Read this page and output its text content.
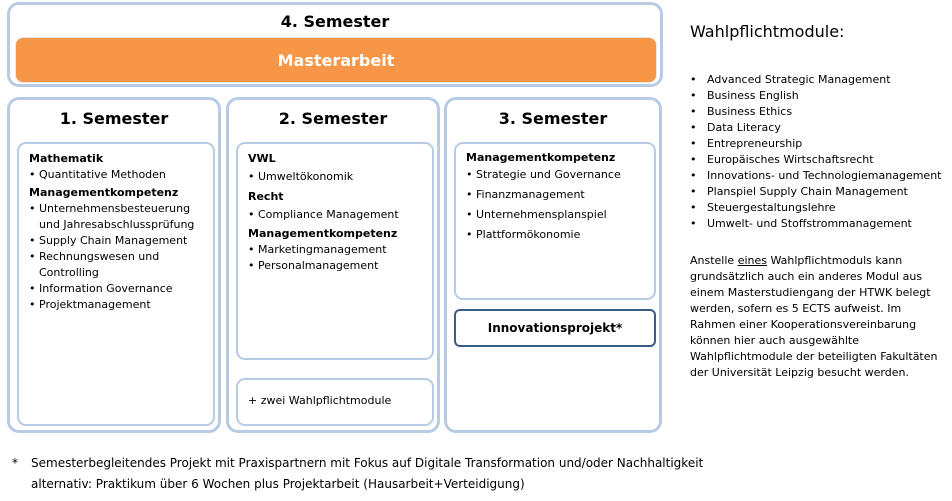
4. Semester
Masterarbeit
1. Semester
Mathematik
• Quantitative Methoden
Managementkompetenz
• Unternehmensbesteuerung und Jahresabschlussprüfung
• Supply Chain Management
• Rechnungswesen und Controlling
• Information Governance
• Projektmanagement
2. Semester
VWL
• Umweltökonomik
Recht
• Compliance Management
Managementkompetenz
• Marketingmanagement
• Personalmanagement
+ zwei Wahlpflichtmodule
3. Semester
Managementkompetenz
• Strategie und Governance
• Finanzmanagement
• Unternehmensplanspiel
• Plattformökonomie
Innovationsprojekt*
Wahlpflichtmodule:
• Advanced Strategic Management
• Business English
• Business Ethics
• Data Literacy
• Entrepreneurship
• Europäisches Wirtschaftsrecht
• Innovations- und Technologiemanagement
• Planspiel Supply Chain Management
• Steuergestaltungslehre
• Umwelt- und Stoffstrommanagement
Anstelle eines Wahlpflichtmoduls kann grundsätzlich auch ein anderes Modul aus einem Masterstudiengang der HTWK belegt werden, sofern es 5 ECTS aufweist. Im Rahmen einer Kooperationsvereinbarung können hier auch ausgewählte Wahlpflichtmodule der beteiligten Fakultäten der Universität Leipzig besucht werden.
* Semesterbegleitendes Projekt mit Praxispartnern mit Fokus auf Digitale Transformation und/oder Nachhaltigkeit
alternativ: Praktikum über 6 Wochen plus Projektarbeit (Hausarbeit+Verteidigung)
